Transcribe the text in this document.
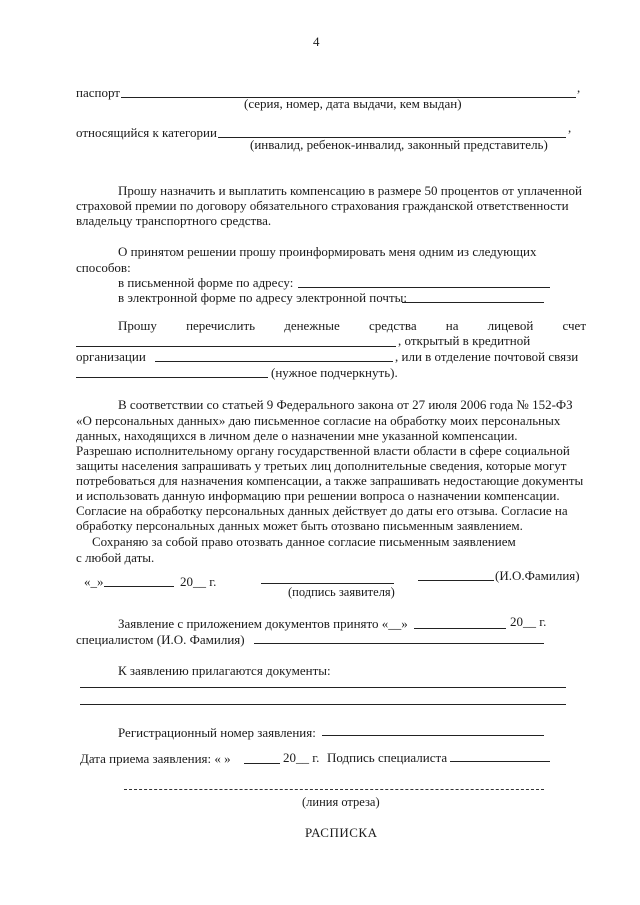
4
паспорт	,
(серия, номер, дата выдачи, кем выдан)
относящийся к категории	,
(инвалид, ребенок-инвалид, законный представитель)
Прошу назначить и выплатить компенсацию в размере 50 процентов от уплаченной
страховой премии по договору обязательного страхования гражданской ответственности
владельцу транспортного средства.
О принятом решении прошу проинформировать меня одним из следующих
способов:
в письменной форме по адресу:
в электронной форме по адресу электронной почты:
Прошу перечислить денежные средства на лицевой счет
, открытый в кредитной
организации	, или в отделение почтовой связи
(нужное подчеркнуть).
В соответствии со статьей 9 Федерального закона от 27 июля 2006 года № 152-ФЗ
«О персональных данных» даю письменное согласие на обработку моих персональных
данных, находящихся в личном деле о назначении мне указанной компенсации.
Разрешаю исполнительному органу государственной власти области в сфере социальной
защиты населения запрашивать у третьих лиц дополнительные сведения, которые могут
потребоваться для назначения компенсации, а также запрашивать недостающие документы
и использовать данную информацию при решении вопроса о назначении компенсации.
Согласие на обработку персональных данных действует до даты его отзыва. Согласие на
обработку персональных данных может быть отозвано письменным заявлением.
Сохраняю за собой право отозвать данное согласие письменным заявлением
с любой даты.
«_»	20__ г.	(И.О.Фамилия)
(подпись заявителя)
Заявление с приложением документов принято «__»	20__ г.
специалистом (И.О. Фамилия)
К заявлению прилагаются документы:
Регистрационный номер заявления:
Дата приема заявления: « »	20__ г. Подпись специалиста
(линия отреза)
РАСПИСКА
